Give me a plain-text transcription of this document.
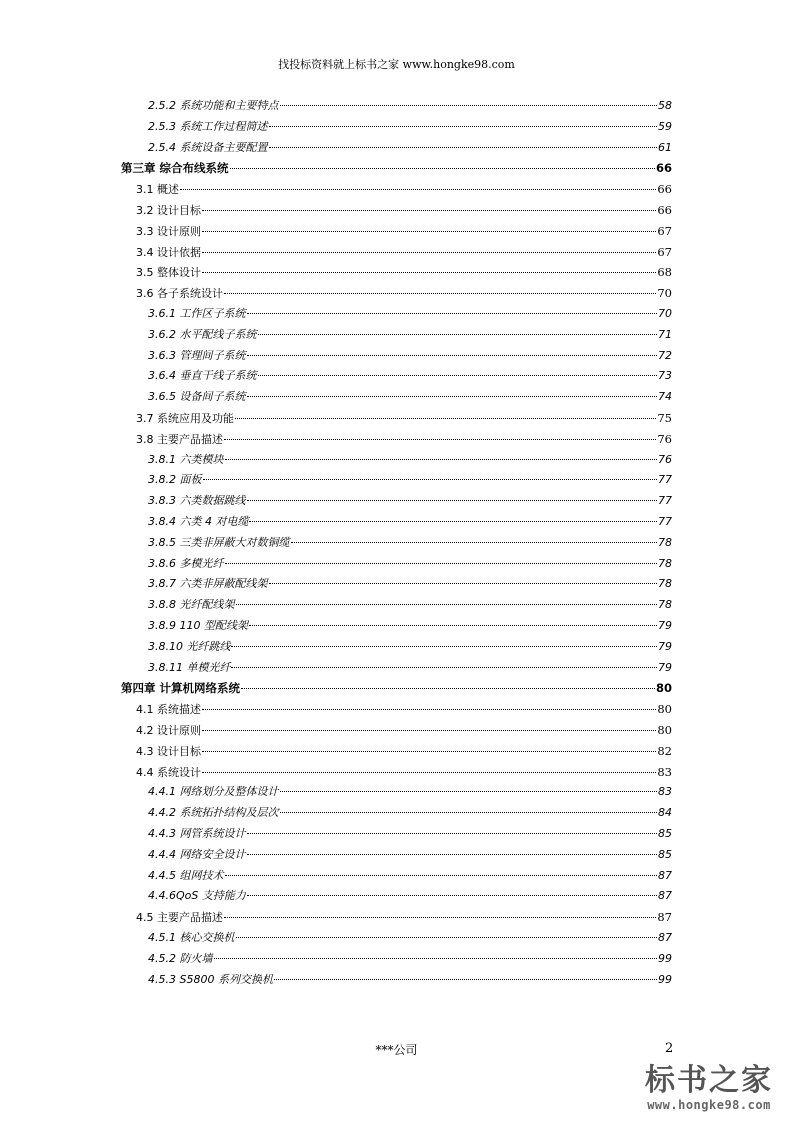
找投标资料就上标书之家 www.hongke98.com
2.5.2 系统功能和主要特点	58
2.5.3 系统工作过程简述	59
2.5.4 系统设备主要配置	61
第三章 综合布线系统	66
3.1 概述	66
3.2 设计目标	66
3.3 设计原则	67
3.4 设计依据	67
3.5 整体设计	68
3.6 各子系统设计	70
3.6.1 工作区子系统	70
3.6.2 水平配线子系统	71
3.6.3 管理间子系统	72
3.6.4 垂直干线子系统	73
3.6.5 设备间子系统	74
3.7 系统应用及功能	75
3.8 主要产品描述	76
3.8.1 六类模块	76
3.8.2 面板	77
3.8.3 六类数据跳线	77
3.8.4 六类 4 对电缆	77
3.8.5 三类非屏蔽大对数铜缆	78
3.8.6 多模光纤	78
3.8.7 六类非屏蔽配线架	78
3.8.8 光纤配线架	78
3.8.9 110 型配线架	79
3.8.10 光纤跳线	79
3.8.11 单模光纤	79
第四章 计算机网络系统	80
4.1 系统描述	80
4.2 设计原则	80
4.3 设计目标	82
4.4 系统设计	83
4.4.1 网络划分及整体设计	83
4.4.2 系统拓扑结构及层次	84
4.4.3 网管系统设计	85
4.4.4 网络安全设计	85
4.4.5 组网技术	87
4.4.6QoS 支持能力	87
4.5 主要产品描述	87
4.5.1 核心交换机	87
4.5.2 防火墙	99
4.5.3 S5800 系列交换机	99
***公司	2
标书之家
www.hongke98.com
